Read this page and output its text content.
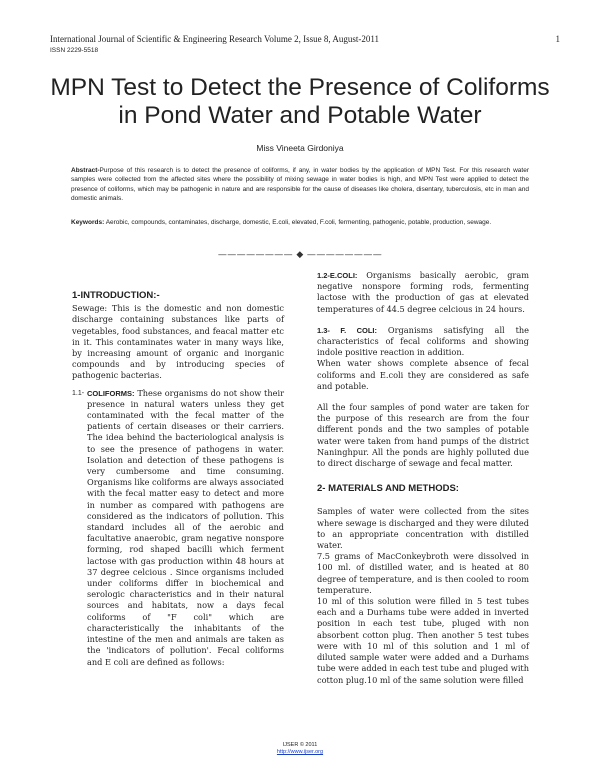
International Journal of Scientific & Engineering Research Volume 2, Issue 8, August-2011	1
ISSN 2229-5518
MPN Test to Detect the Presence of Coliforms in Pond Water and Potable Water
Miss Vineeta Girdoniya
Abstract-Purpose of this research is to detect the presence of coliforms, if any, in water bodies by the application of MPN Test. For this research water samples were collected from the affected sites where the possibility of mixing sewage in water bodies is high, and MPN Test were applied to detect the presence of coliforms, which may be pathogenic in nature and are responsible for the cause of diseases like cholera, disentary, tuberculosis, etc in man and domestic animals.
Keywords: Aerobic, compounds, contaminates, discharge, domestic, E.coli, elevated, F.coli, fermenting, pathogenic, potable, production, sewage.
———————— ◆ ————————
1-INTRODUCTION:-

Sewage: This is the domestic and non domestic discharge containing substances like parts of vegetables, food substances, and feacal matter etc in it. This contaminates water in many ways like, by increasing amount of organic and inorganic compounds and by introducing species of pathogenic bacterias.

1.1- COLIFORMS: These organisms do not show their presence in natural waters unless they get contaminated with the fecal matter of the patients of certain diseases or their carriers. The idea behind the bacteriological analysis is to see the presence of pathogens in water. Isolation and detection of these pathogens is very cumbersome and time consuming. Organisms like coliforms are always associated with the fecal matter easy to detect and more in number as compared with pathogens are considered as the indicators of pollution. This standard includes all of the aerobic and facultative anaerobic, gram negative nonspore forming, rod shaped bacilli which ferment lactose with gas production within 48 hours at 37 degree celcious . Since organisms included under coliforms differ in biochemical and serologic characteristics and in their natural sources and habitats, now a days fecal coliforms of "F coli" which are characteristically the inhabitants of the intestine of the men and animals are taken as the 'indicators of pollution'. Fecal coliforms and E coli are defined as follows:

1.2-E.COLI: Organisms basically aerobic, gram negative nonspore forming rods, fermenting lactose with the production of gas at elevated temperatures of 44.5 degree celcious in 24 hours.

1.3- F. COLI: Organisms satisfying all the characteristics of fecal coliforms and showing indole positive reaction in addition.

When water shows complete absence of fecal coliforms and E.coli they are considered as safe and potable.

All the four samples of pond water are taken for the purpose of this research are from the four different ponds and the two samples of potable water were taken from hand pumps of the district Naninghpur. All the ponds are highly polluted due to direct discharge of sewage and fecal matter.

2- MATERIALS AND METHODS:

Samples of water were collected from the sites where sewage is discharged and they were diluted to an appropriate concentration with distilled water.

7.5 grams of MacConkeybroth were dissolved in 100 ml. of distilled water, and is heated at 80 degree of temperature, and is then cooled to room temperature.

10 ml of this solution were filled in 5 test tubes each and a Durhams tube were added in inverted position in each test tube, pluged with non absorbent cotton plug. Then another 5 test tubes were with 10 ml of this solution and 1 ml of diluted sample water were added and a Durhams tube were added in each test tube and pluged with cotton plug.10 ml of the same solution were filled

IJSER © 2011
http://www.ijser.org
